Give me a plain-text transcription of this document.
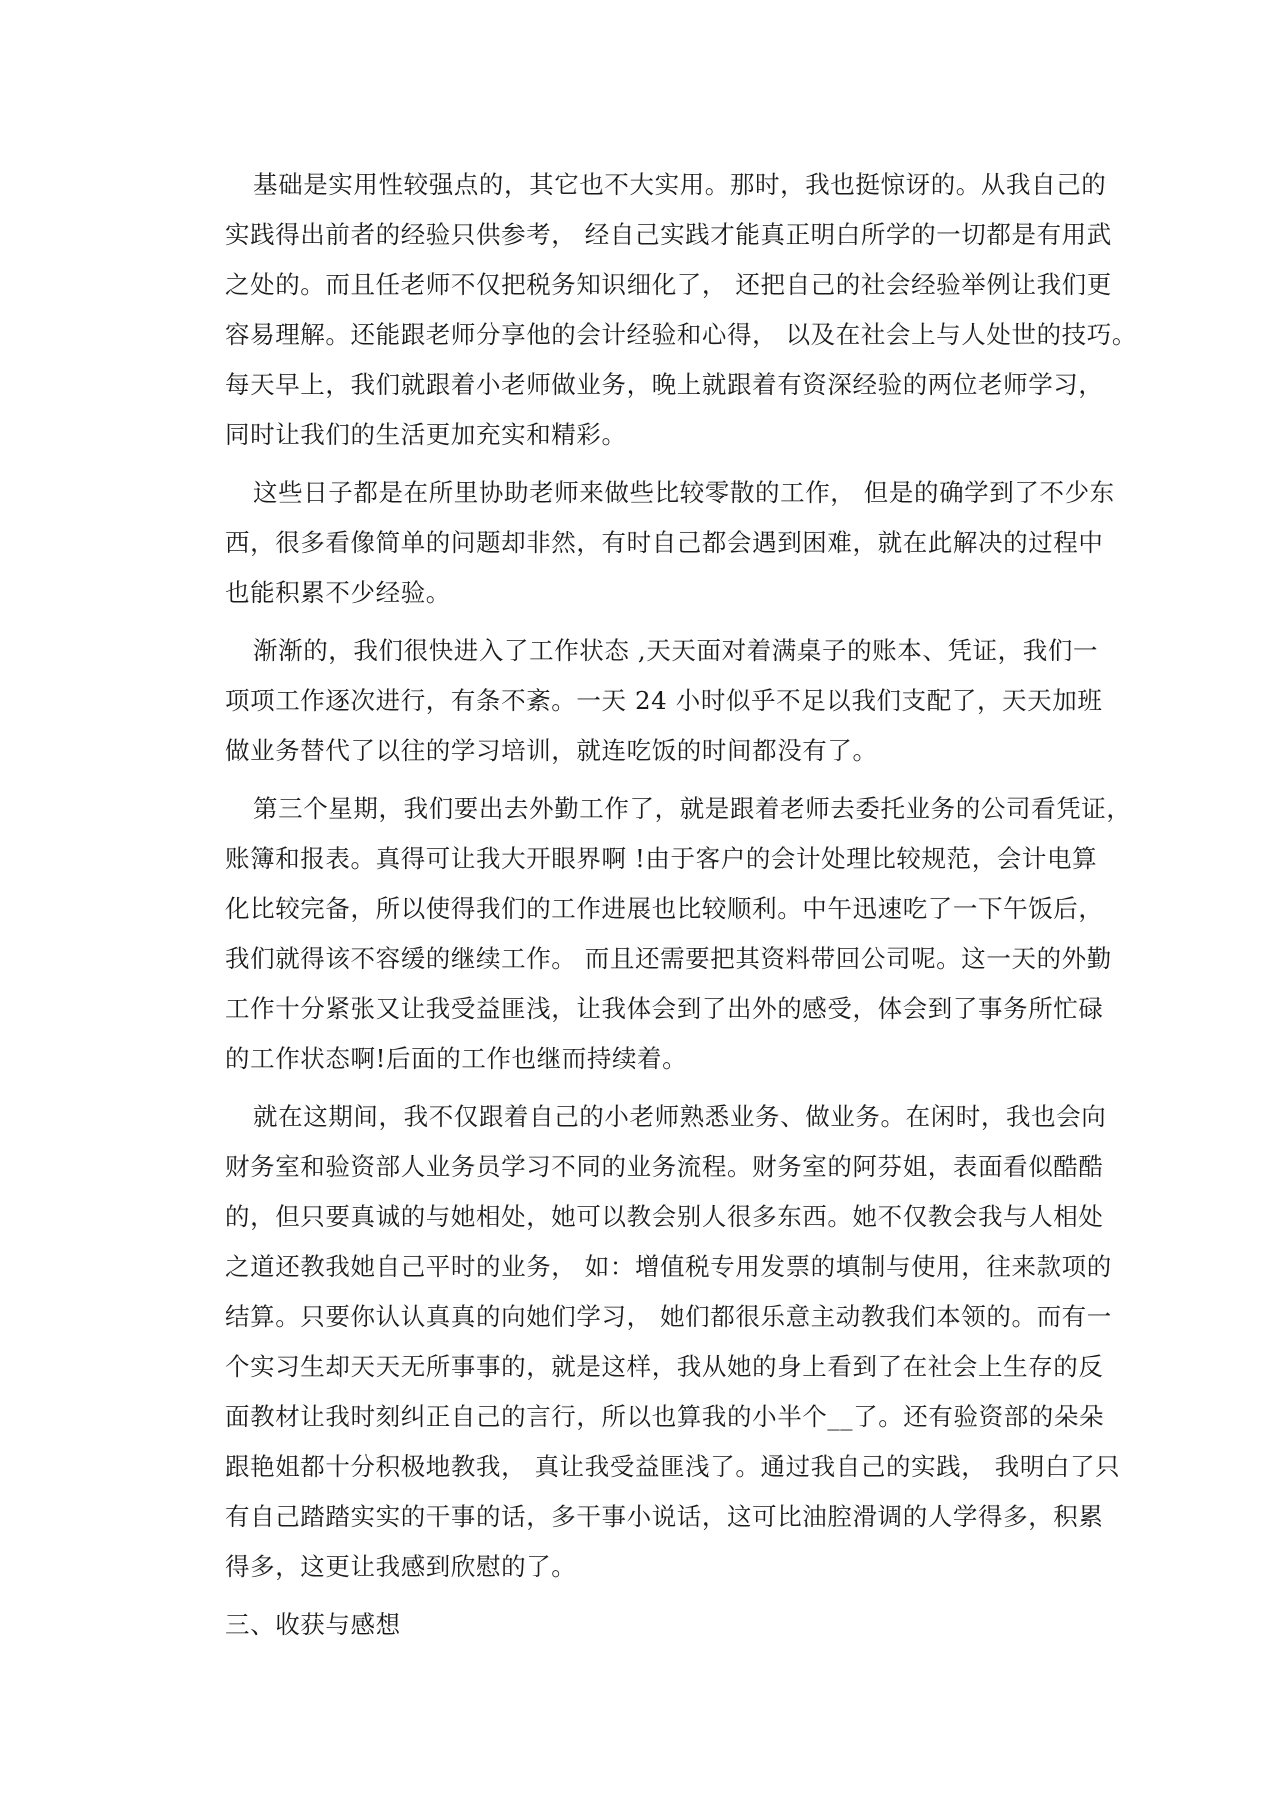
基础是实用性较强点的，其它也不大实用。那时，我也挺惊讶的。从我自己的
实践得出前者的经验只供参考， 经自己实践才能真正明白所学的一切都是有用武
之处的。而且任老师不仅把税务知识细化了， 还把自己的社会经验举例让我们更
容易理解。还能跟老师分享他的会计经验和心得， 以及在社会上与人处世的技巧。
每天早上，我们就跟着小老师做业务，晚上就跟着有资深经验的两位老师学习，
同时让我们的生活更加充实和精彩。
这些日子都是在所里协助老师来做些比较零散的工作， 但是的确学到了不少东
西，很多看像简单的问题却非然，有时自己都会遇到困难，就在此解决的过程中
也能积累不少经验。
渐渐的，我们很快进入了工作状态 ,天天面对着满桌子的账本、凭证，我们一
项项工作逐次进行，有条不紊。一天 24 小时似乎不足以我们支配了，天天加班
做业务替代了以往的学习培训，就连吃饭的时间都没有了。
第三个星期，我们要出去外勤工作了，就是跟着老师去委托业务的公司看凭证，
账簿和报表。真得可让我大开眼界啊 !由于客户的会计处理比较规范，会计电算
化比较完备，所以使得我们的工作进展也比较顺利。中午迅速吃了一下午饭后，
我们就得该不容缓的继续工作。 而且还需要把其资料带回公司呢。这一天的外勤
工作十分紧张又让我受益匪浅，让我体会到了出外的感受，体会到了事务所忙碌
的工作状态啊!后面的工作也继而持续着。
就在这期间，我不仅跟着自己的小老师熟悉业务、做业务。在闲时，我也会向
财务室和验资部人业务员学习不同的业务流程。财务室的阿芬姐，表面看似酷酷
的，但只要真诚的与她相处，她可以教会别人很多东西。她不仅教会我与人相处
之道还教我她自己平时的业务， 如：增值税专用发票的填制与使用，往来款项的
结算。只要你认认真真的向她们学习， 她们都很乐意主动教我们本领的。而有一
个实习生却天天无所事事的，就是这样，我从她的身上看到了在社会上生存的反
面教材让我时刻纠正自己的言行，所以也算我的小半个__了。还有验资部的朵朵
跟艳姐都十分积极地教我， 真让我受益匪浅了。通过我自己的实践， 我明白了只
有自己踏踏实实的干事的话，多干事小说话，这可比油腔滑调的人学得多，积累
得多，这更让我感到欣慰的了。
三、收获与感想
